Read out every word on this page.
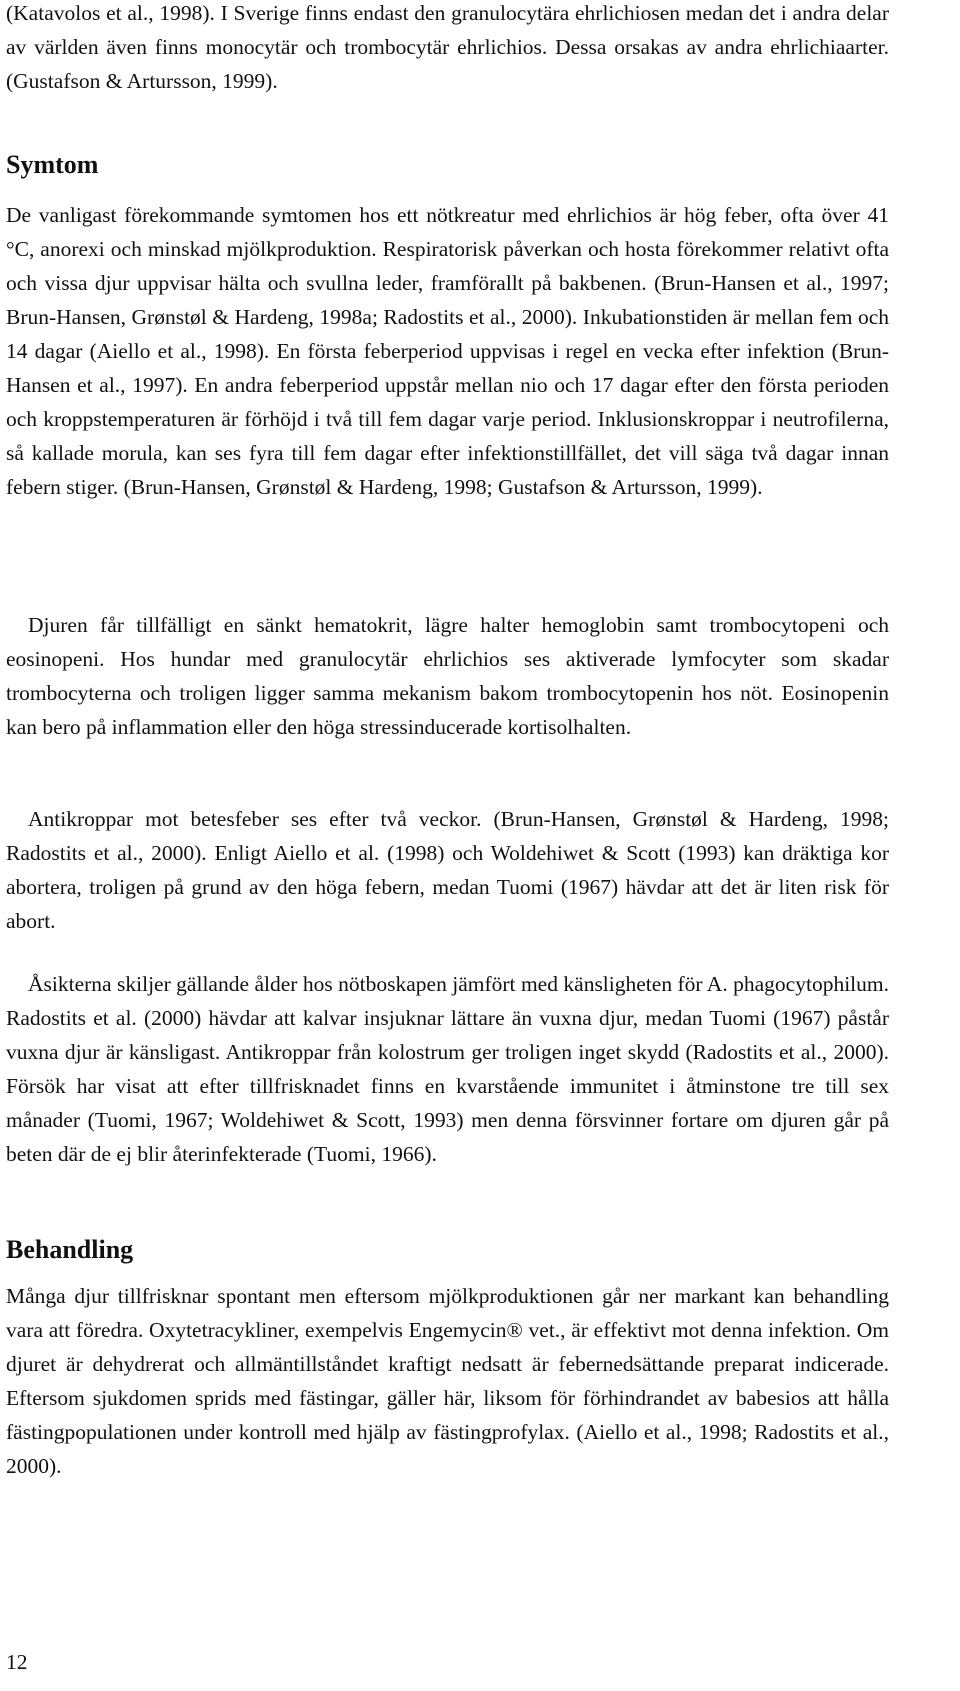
(Katavolos et al., 1998). I Sverige finns endast den granulocytära ehrlichiosen medan det i andra delar av världen även finns monocytär och trombocytär ehrlichios. Dessa orsakas av andra ehrlichiaarter. (Gustafson & Artursson, 1999).

Symtom

De vanligast förekommande symtomen hos ett nötkreatur med ehrlichios är hög feber, ofta över 41 °C, anorexi och minskad mjölkproduktion. Respiratorisk påverkan och hosta förekommer relativt ofta och vissa djur uppvisar hälta och svullna leder, framförallt på bakbenen. (Brun-Hansen et al., 1997; Brun-Hansen, Grønstøl & Hardeng, 1998a; Radostits et al., 2000). Inkubationstiden är mellan fem och 14 dagar (Aiello et al., 1998). En första feberperiod uppvisas i regel en vecka efter infektion (Brun-Hansen et al., 1997). En andra feberperiod uppstår mellan nio och 17 dagar efter den första perioden och kroppstemperaturen är förhöjd i två till fem dagar varje period. Inklusionskroppar i neutrofilerna, så kallade morula, kan ses fyra till fem dagar efter infektionstillfället, det vill säga två dagar innan febern stiger. (Brun-Hansen, Grønstøl & Hardeng, 1998; Gustafson & Artursson, 1999).

Djuren får tillfälligt en sänkt hematokrit, lägre halter hemoglobin samt trombocytopeni och eosinopeni. Hos hundar med granulocytär ehrlichios ses aktiverade lymfocyter som skadar trombocyterna och troligen ligger samma mekanism bakom trombocytopenin hos nöt. Eosinopenin kan bero på inflammation eller den höga stressinducerade kortisolhalten.

Antikroppar mot betesfeber ses efter två veckor. (Brun-Hansen, Grønstøl & Hardeng, 1998; Radostits et al., 2000). Enligt Aiello et al. (1998) och Woldehiwet & Scott (1993) kan dräktiga kor abortera, troligen på grund av den höga febern, medan Tuomi (1967) hävdar att det är liten risk för abort.

Åsikterna skiljer gällande ålder hos nötboskapen jämfört med känsligheten för A. phagocytophilum. Radostits et al. (2000) hävdar att kalvar insjuknar lättare än vuxna djur, medan Tuomi (1967) påstår vuxna djur är känsligast. Antikroppar från kolostrum ger troligen inget skydd (Radostits et al., 2000). Försök har visat att efter tillfrisknadet finns en kvarstående immunitet i åtminstone tre till sex månader (Tuomi, 1967; Woldehiwet & Scott, 1993) men denna försvinner fortare om djuren går på beten där de ej blir återinfekterade (Tuomi, 1966).

Behandling

Många djur tillfrisknar spontant men eftersom mjölkproduktionen går ner markant kan behandling vara att föredra. Oxytetracykliner, exempelvis Engemycin® vet., är effektivt mot denna infektion. Om djuret är dehydrerat och allmäntillståndet kraftigt nedsatt är febernedsättande preparat indicerade. Eftersom sjukdomen sprids med fästingar, gäller här, liksom för förhindrandet av babesios att hålla fästingpopulationen under kontroll med hjälp av fästingprofylax. (Aiello et al., 1998; Radostits et al., 2000).

12
